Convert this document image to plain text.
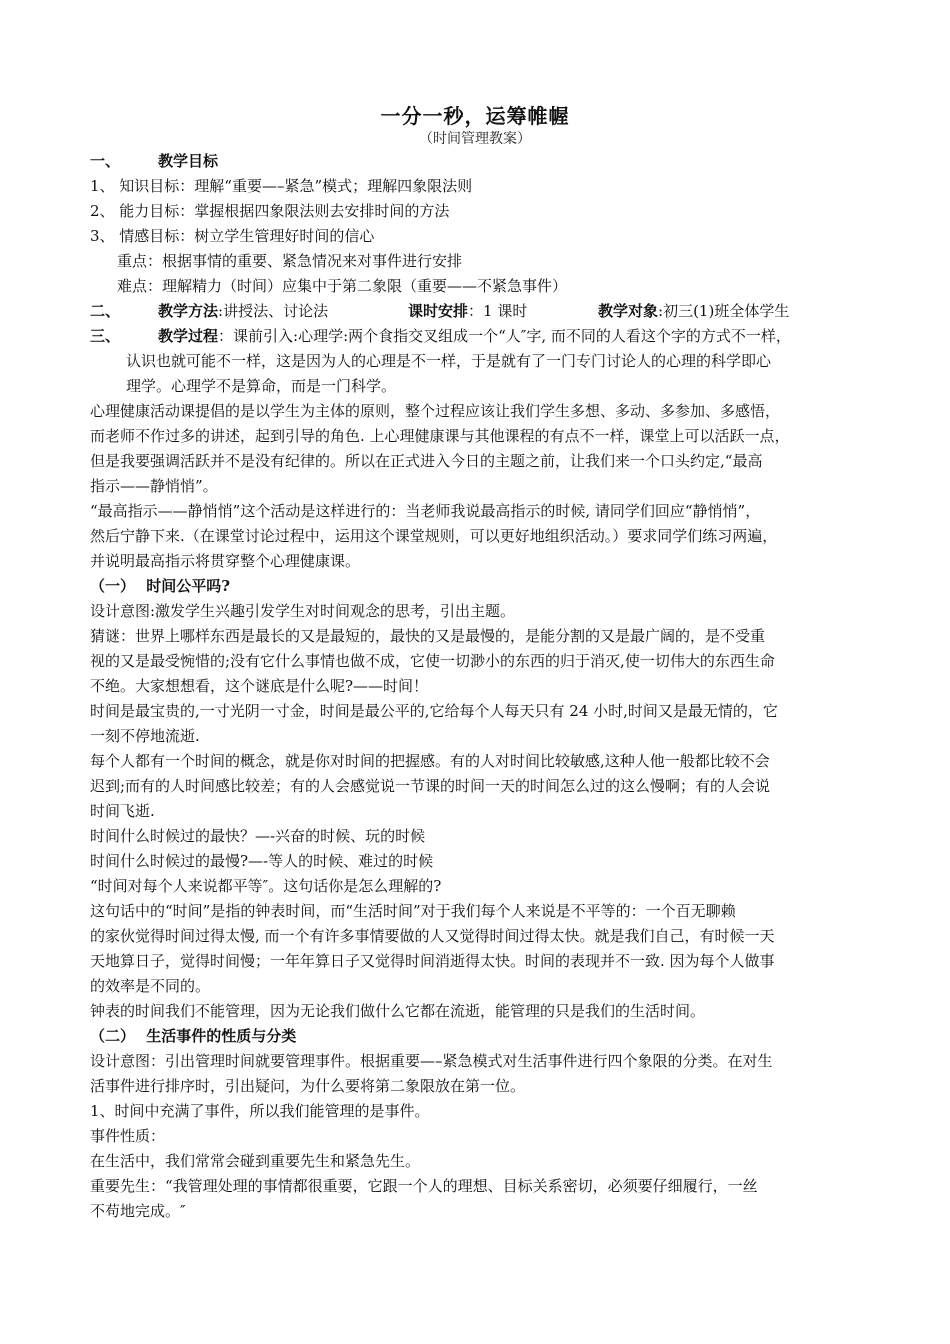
一分一秒，运筹帷幄
（时间管理教案）
一、	教学目标
1、 知识目标：理解“重要—–紧急”模式；理解四象限法则
2、 能力目标：掌握根据四象限法则去安排时间的方法
3、 情感目标：树立学生管理好时间的信心
重点：根据事情的重要、紧急情况来对事件进行安排
难点：理解精力（时间）应集中于第二象限（重要——不紧急事件）
二、	教学方法:讲授法、讨论法	课时安排：1 课时	教学对象:初三(1)班全体学生
三、	教学过程：课前引入:心理学:两个食指交叉组成一个“人″字, 而不同的人看这个字的方式不一样，
认识也就可能不一样，这是因为人的心理是不一样，于是就有了一门专门讨论人的心理的科学即心
理学。心理学不是算命，而是一门科学。
心理健康活动课提倡的是以学生为主体的原则，整个过程应该让我们学生多想、多动、多参加、多感悟，
而老师不作过多的讲述，起到引导的角色. 上心理健康课与其他课程的有点不一样，课堂上可以活跃一点，
但是我要强调活跃并不是没有纪律的。所以在正式进入今日的主题之前，让我们来一个口头约定,“最高
指示——静悄悄”。
“最高指示——静悄悄”这个活动是这样进行的：当老师我说最高指示的时候, 请同学们回应“静悄悄”，
然后宁静下来.（在课堂讨论过程中，运用这个课堂规则，可以更好地组织活动。）要求同学们练习两遍，
并说明最高指示将贯穿整个心理健康课。
（一） 时间公平吗?
设计意图:激发学生兴趣引发学生对时间观念的思考，引出主题。
猜谜：世界上哪样东西是最长的又是最短的，最快的又是最慢的，是能分割的又是最广阔的，是不受重
视的又是最受惋惜的;没有它什么事情也做不成，它使一切渺小的东西的归于消灭,使一切伟大的东西生命
不绝。大家想想看，这个谜底是什么呢?——时间！
时间是最宝贵的,一寸光阴一寸金，时间是最公平的,它给每个人每天只有 24 小时,时间又是最无情的，它
一刻不停地流逝.
每个人都有一个时间的概念，就是你对时间的把握感。有的人对时间比较敏感,这种人他一般都比较不会
迟到;而有的人时间感比较差；有的人会感觉说一节课的时间一天的时间怎么过的这么慢啊；有的人会说
时间飞逝.
时间什么时候过的最快？—-兴奋的时候、玩的时候
时间什么时候过的最慢?—-等人的时候、难过的时候
“时间对每个人来说都平等″。这句话你是怎么理解的?
这句话中的“时间”是指的钟表时间，而“生活时间”对于我们每个人来说是不平等的：一个百无聊赖
的家伙觉得时间过得太慢, 而一个有许多事情要做的人又觉得时间过得太快。就是我们自己，有时候一天
天地算日子，觉得时间慢；一年年算日子又觉得时间消逝得太快。时间的表现并不一致. 因为每个人做事
的效率是不同的。
钟表的时间我们不能管理，因为无论我们做什么它都在流逝，能管理的只是我们的生活时间。
（二） 生活事件的性质与分类
设计意图：引出管理时间就要管理事件。根据重要—–紧急模式对生活事件进行四个象限的分类。在对生
活事件进行排序时，引出疑问，为什么要将第二象限放在第一位。
1、时间中充满了事件，所以我们能管理的是事件。
事件性质：
在生活中，我们常常会碰到重要先生和紧急先生。
重要先生：“我管理处理的事情都很重要，它跟一个人的理想、目标关系密切，必须要仔细履行，一丝
不苟地完成。″
